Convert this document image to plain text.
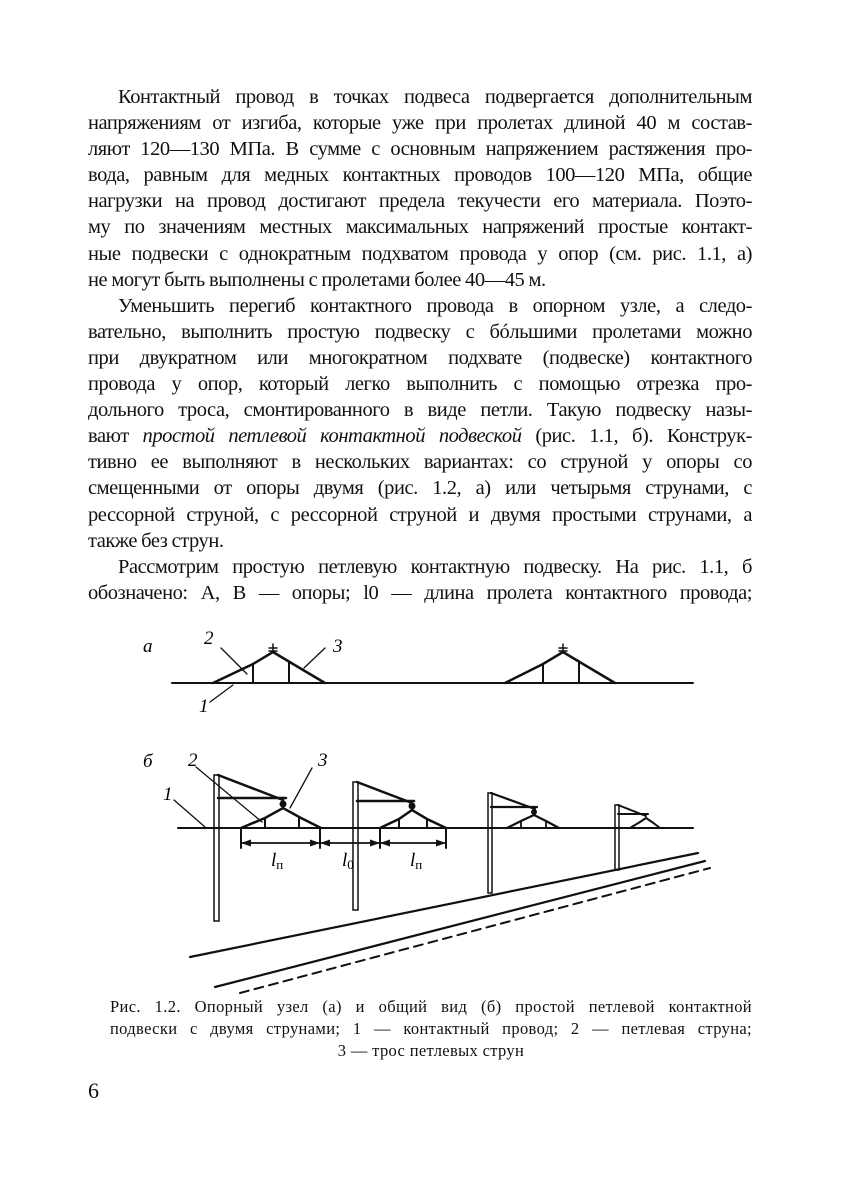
Контактный провод в точках подвеса подвергается дополнительным
напряжениям от изгиба, которые уже при пролетах длиной 40 м состав-
ляют 120—130 МПа. В сумме с основным напряжением растяжения про-
вода, равным для медных контактных проводов 100—120 МПа, общие
нагрузки на провод достигают предела текучести его материала. Поэто-
му по значениям местных максимальных напряжений простые контакт-
ные подвески с однократным подхватом провода у опор (см. рис. 1.1, а)
не могут быть выполнены с пролетами более 40—45 м.
Уменьшить перегиб контактного провода в опорном узле, а следо-
вательно, выполнить простую подвеску с бóльшими пролетами можно
при двукратном или многократном подхвате (подвеске) контактного
провода у опор, который легко выполнить с помощью отрезка про-
дольного троса, смонтированного в виде петли. Такую подвеску назы-
вают простой петлевой контактной подвеской (рис. 1.1, б). Конструк-
тивно ее выполняют в нескольких вариантах: со струной у опоры со
смещенными от опоры двумя (рис. 1.2, а) или четырьмя струнами, с
рессорной струной, с рессорной струной и двумя простыми струнами, а
также без струн.
Рассмотрим простую петлевую контактную подвеску. На рис. 1.1, б
обозначено: А, В — опоры; l0 — длина пролета контактного провода;
а	2	3
1
б 2	3
1
lп	l0	lп
Рис. 1.2. Опорный узел (а) и общий вид (б) простой петлевой контактной
подвески с двумя струнами; 1 — контактный провод; 2 — петлевая струна;
3 — трос петлевых струн
6
